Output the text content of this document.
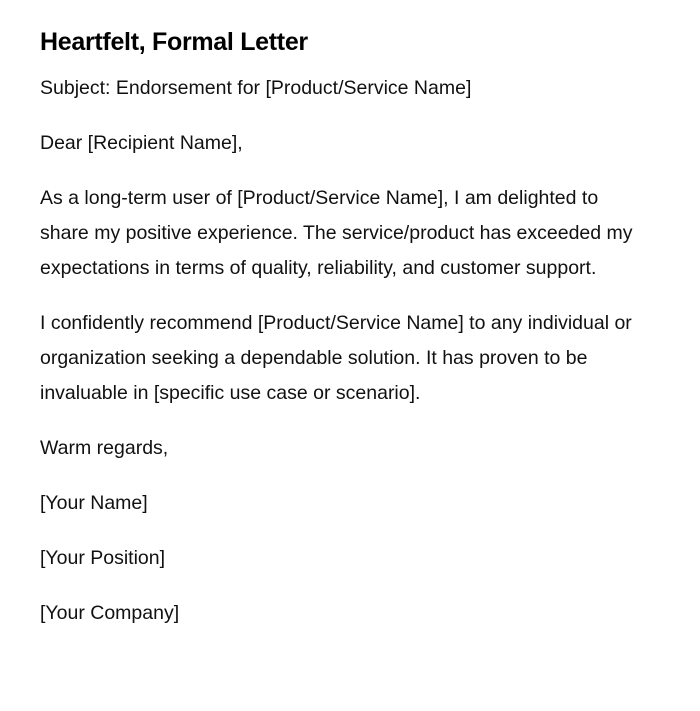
Heartfelt, Formal Letter

Subject: Endorsement for [Product/Service Name]

Dear [Recipient Name],

As a long-term user of [Product/Service Name], I am delighted to share my positive experience. The service/product has exceeded my expectations in terms of quality, reliability, and customer support.

I confidently recommend [Product/Service Name] to any individual or organization seeking a dependable solution. It has proven to be invaluable in [specific use case or scenario].

Warm regards,

[Your Name]

[Your Position]

[Your Company]
